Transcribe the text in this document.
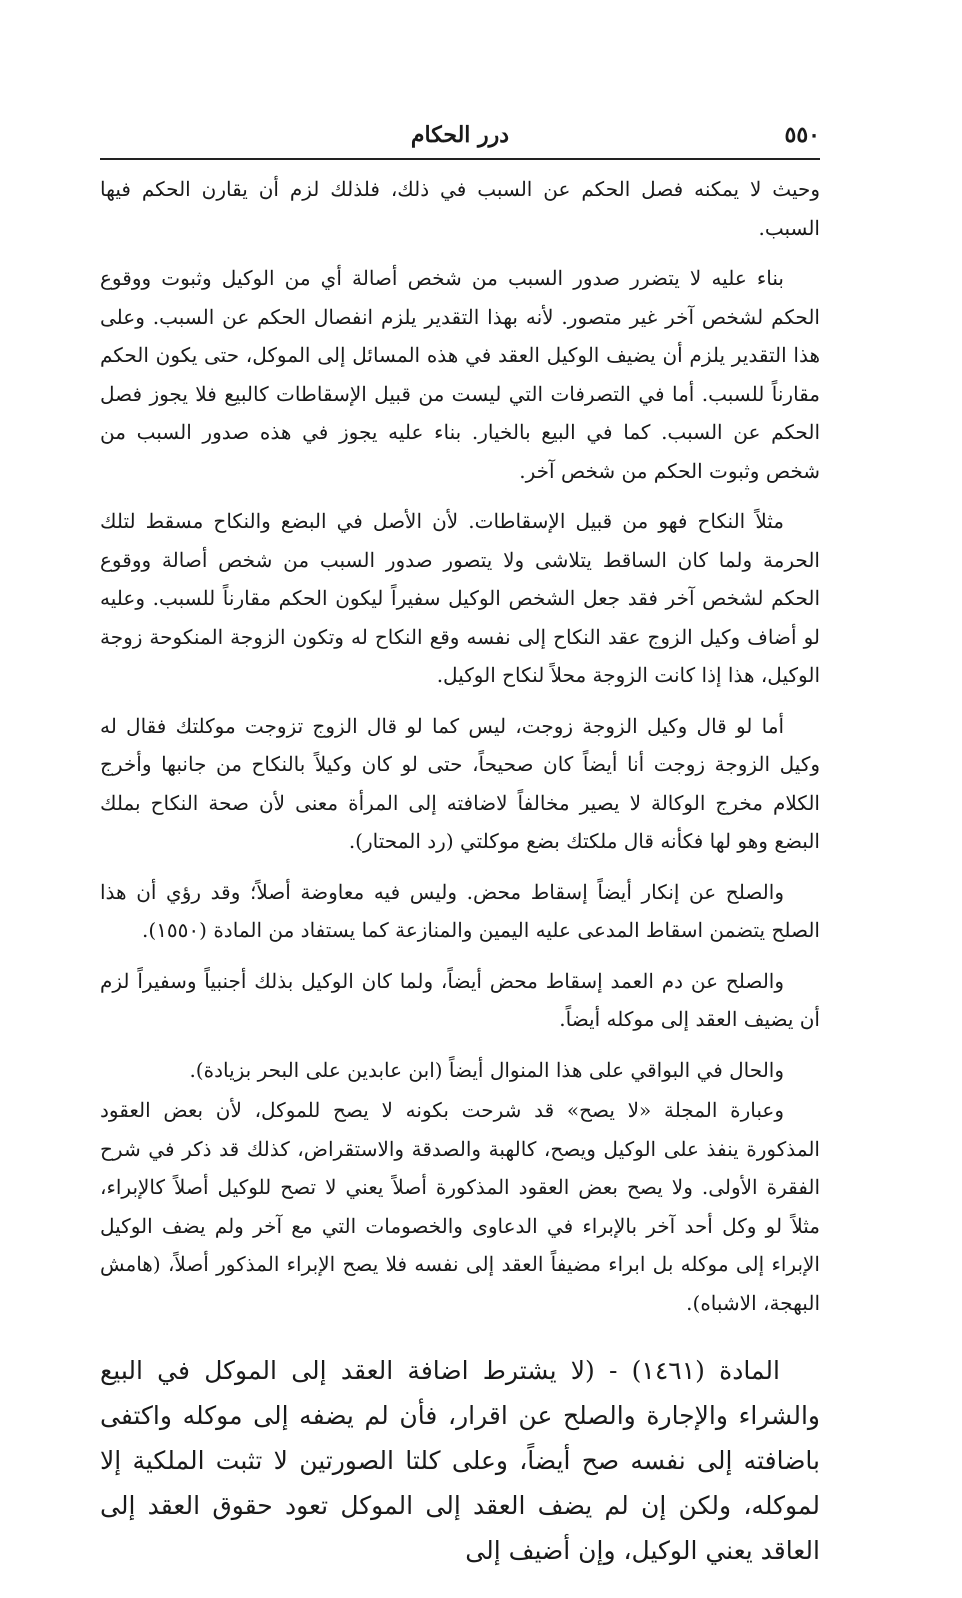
٥٥٠
درر الحكام

وحيث لا يمكنه فصل الحكم عن السبب في ذلك، فلذلك لزم أن يقارن الحكم فيها السبب.

بناء عليه لا يتضرر صدور السبب من شخص أصالة أي من الوكيل وثبوت ووقوع الحكم لشخص آخر غير متصور. لأنه بهذا التقدير يلزم انفصال الحكم عن السبب. وعلى هذا التقدير يلزم أن يضيف الوكيل العقد في هذه المسائل إلى الموكل، حتى يكون الحكم مقارناً للسبب. أما في التصرفات التي ليست من قبيل الإسقاطات كالبيع فلا يجوز فصل الحكم عن السبب. كما في البيع بالخيار. بناء عليه يجوز في هذه صدور السبب من شخص وثبوت الحكم من شخص آخر.

مثلاً النكاح فهو من قبيل الإسقاطات. لأن الأصل في البضع والنكاح مسقط لتلك الحرمة ولما كان الساقط يتلاشى ولا يتصور صدور السبب من شخص أصالة ووقوع الحكم لشخص آخر فقد جعل الشخص الوكيل سفيراً ليكون الحكم مقارناً للسبب. وعليه لو أضاف وكيل الزوج عقد النكاح إلى نفسه وقع النكاح له وتكون الزوجة المنكوحة زوجة الوكيل، هذا إذا كانت الزوجة محلاً لنكاح الوكيل.

أما لو قال وكيل الزوجة زوجت، ليس كما لو قال الزوج تزوجت موكلتك فقال له وكيل الزوجة زوجت أنا أيضاً كان صحيحاً، حتى لو كان وكيلاً بالنكاح من جانبها وأخرج الكلام مخرج الوكالة لا يصير مخالفاً لاضافته إلى المرأة معنى لأن صحة النكاح بملك البضع وهو لها فكأنه قال ملكتك بضع موكلتي (رد المحتار).

والصلح عن إنكار أيضاً إسقاط محض. وليس فيه معاوضة أصلاً؛ وقد رؤي أن هذا الصلح يتضمن اسقاط المدعى عليه اليمين والمنازعة كما يستفاد من المادة (١٥٥٠).

والصلح عن دم العمد إسقاط محض أيضاً، ولما كان الوكيل بذلك أجنبياً وسفيراً لزم أن يضيف العقد إلى موكله أيضاً.

والحال في البواقي على هذا المنوال أيضاً (ابن عابدين على البحر بزيادة).

وعبارة المجلة «لا يصح» قد شرحت بكونه لا يصح للموكل، لأن بعض العقود المذكورة ينفذ على الوكيل ويصح، كالهبة والصدقة والاستقراض، كذلك قد ذكر في شرح الفقرة الأولى. ولا يصح بعض العقود المذكورة أصلاً يعني لا تصح للوكيل أصلاً كالإبراء، مثلاً لو وكل أحد آخر بالإبراء في الدعاوى والخصومات التي مع آخر ولم يضف الوكيل الإبراء إلى موكله بل ابراء مضيفاً العقد إلى نفسه فلا يصح الإبراء المذكور أصلاً، (هامش البهجة، الاشباه).

المادة (١٤٦١) - (لا يشترط اضافة العقد إلى الموكل في البيع والشراء والإجارة والصلح عن اقرار، فأن لم يضفه إلى موكله واكتفى باضافته إلى نفسه صح أيضاً، وعلى كلتا الصورتين لا تثبت الملكية إلا لموكله، ولكن إن لم يضف العقد إلى الموكل تعود حقوق العقد إلى العاقد يعني الوكيل، وإن أضيف إلى
